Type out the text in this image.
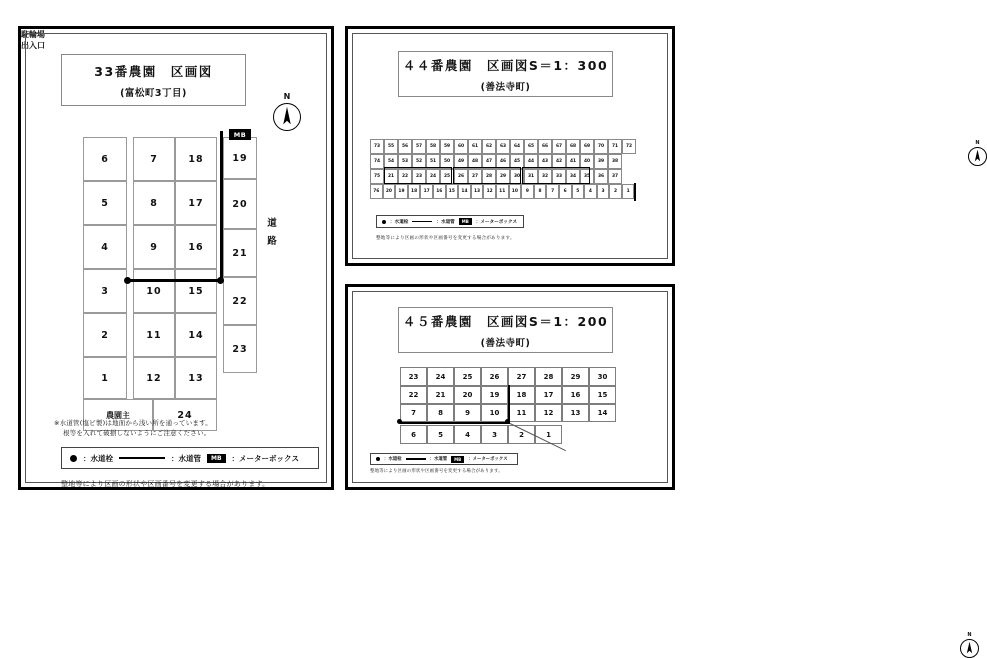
33番農園　区画図
(富松町3丁目)	N
6
5
4
3
2
1
7
8
9
10
11
12
18
17
16
15
14
13
19
20
21
22
23
MB
農園主	24
道路
駐輪場
出入口
※水道管(塩ビ製)は地面から浅い所を通っています。
　 根等を入れて破損しないようにご注意ください。
：水道栓	：水道管	MB	：メーターボックス
整地等により区画の形状や区画番号を変更する場合があります。
４４番農園　区画図S＝1：300
(善法寺町)
N
73	55	56	57	58	59	60	61	62	63	64	65	66	67	68	69	70	71	72
74	54	53	52	51	50	49	48	47	46	45	44	43	42	41	40	39	38
75	21	22	23	24	25	26	27	28	29	30	31	32	33	34	35	36	37
76	20	19	18	17	16	15	14	13	12	11	10	9	8	7	6	5	4	3	2	1
：水道栓	：水道管	MB	：メーターボックス
整地等により区画の形状や区画番号を変更する場合があります。
４５番農園　区画図S＝1：200
(善法寺町)
N
23	24	25	26	27	28	29	30
22	21	20	19	18	17	16	15
7	8	9	10	11	12	13	14
6	5	4	3	2	1
：水道栓	：水道管	MB	：メーターボックス
整地等により区画の形状や区画番号を変更する場合があります。
